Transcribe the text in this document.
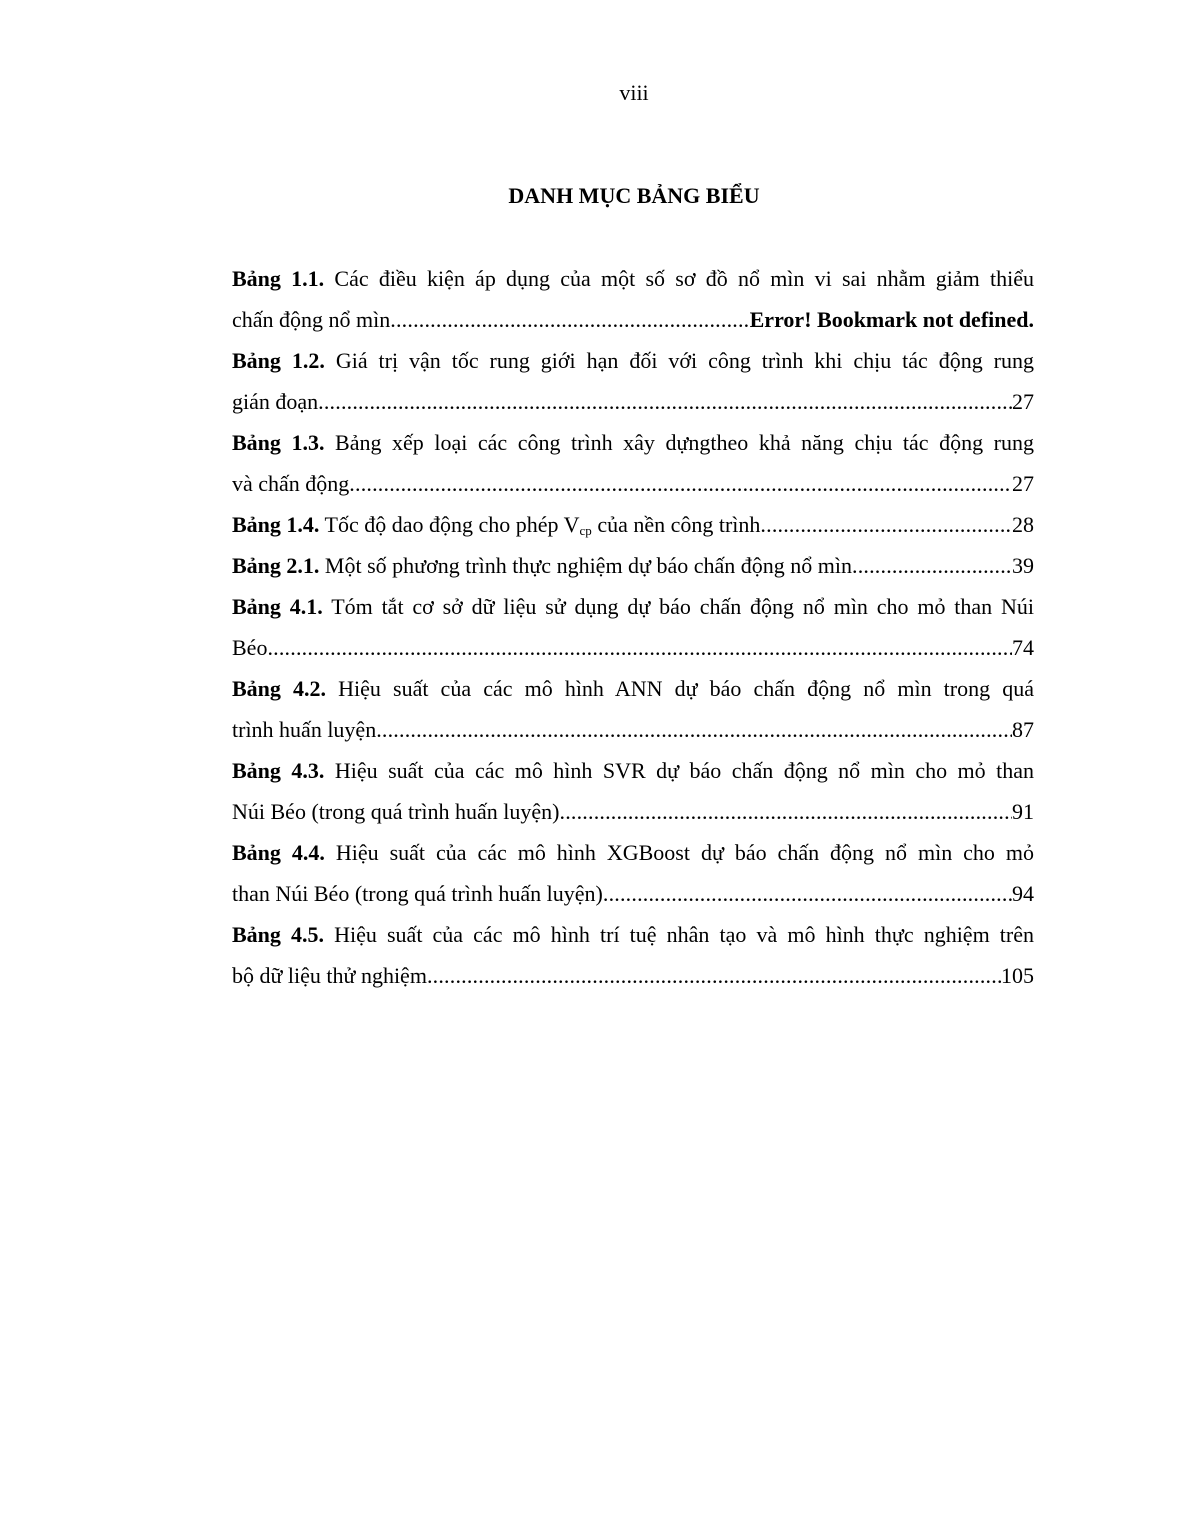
viii
DANH MỤC BẢNG BIỂU
Bảng 1.1. Các điều kiện áp dụng của một số sơ đồ nổ mìn vi sai nhằm giảm thiểu
chấn động nổ mìn .....	Error! Bookmark not defined.
Bảng 1.2. Giá trị vận tốc rung giới hạn đối với công trình khi chịu tác động rung
gián đoạn .....	27
Bảng 1.3. Bảng xếp loại các công trình xây dựngtheo khả năng chịu tác động rung
và chấn động .....	27
Bảng 1.4. Tốc độ dao động cho phép $V_{cp}$ của nền công trình .....	28
Bảng 2.1. Một số phương trình thực nghiệm dự báo chấn động nổ mìn .....	39
Bảng 4.1. Tóm tắt cơ sở dữ liệu sử dụng dự báo chấn động nổ mìn cho mỏ than Núi
Béo .....	74
Bảng 4.2. Hiệu suất của các mô hình ANN dự báo chấn động nổ mìn trong quá
trình huấn luyện .....	87
Bảng 4.3. Hiệu suất của các mô hình SVR dự báo chấn động nổ mìn cho mỏ than
Núi Béo (trong quá trình huấn luyện) .....	91
Bảng 4.4. Hiệu suất của các mô hình XGBoost dự báo chấn động nổ mìn cho mỏ
than Núi Béo (trong quá trình huấn luyện) .....	94
Bảng 4.5. Hiệu suất của các mô hình trí tuệ nhân tạo và mô hình thực nghiệm trên
bộ dữ liệu thử nghiệm .....	105
